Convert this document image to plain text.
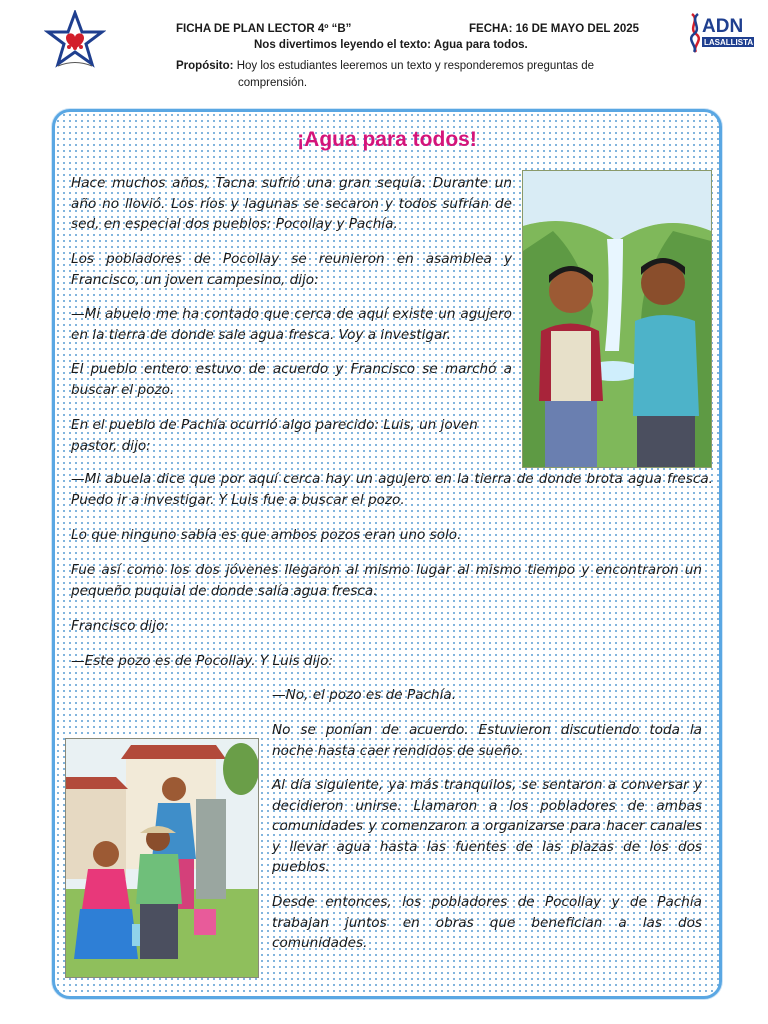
ADN
LASALLISTA
FICHA DE PLAN LECTOR 4º “B”	FECHA: 16 DE MAYO DEL 2025
Nos divertimos leyendo el texto: Agua para todos.
Propósito: Hoy los estudiantes leeremos un texto y responderemos preguntas de
comprensión.
¡Agua para todos!
Hace muchos años, Tacna sufrió una gran sequía. Durante un año no llovió. Los ríos y lagunas se secaron y todos sufrían de sed, en especial dos pueblos: Pocollay y Pachía.
Los pobladores de Pocollay se reunieron en asamblea y Francisco, un joven campesino, dijo:
—Mi abuelo me ha contado que cerca de aquí existe un agujero en la tierra de donde sale agua fresca. Voy a investigar.
El pueblo entero estuvo de acuerdo y Francisco se marchó a buscar el pozo.
En el pueblo de Pachía ocurrió algo parecido: Luis, un joven pastor, dijo:
—Mi abuela dice que por aquí cerca hay un agujero en la tierra de donde brota agua fresca. Puedo ir a investigar. Y Luis fue a buscar el pozo.
Lo que ninguno sabía es que ambos pozos eran uno solo.
Fue así como los dos jóvenes llegaron al mismo lugar al mismo tiempo y encontraron un pequeño puquial de donde salía agua fresca.
Francisco dijo:
—Este pozo es de Pocollay. Y Luis dijo:
—No, el pozo es de Pachía.
No se ponían de acuerdo. Estuvieron discutiendo toda la noche hasta caer rendidos de sueño.
Al día siguiente, ya más tranquilos, se sentaron a conversar y decidieron unirse. Llamaron a los pobladores de ambas comunidades y comenzaron a organizarse para hacer canales y llevar agua hasta las fuentes de las plazas de los dos pueblos.
Desde entonces, los pobladores de Pocollay y de Pachía trabajan juntos en obras que benefician a las dos comunidades.
